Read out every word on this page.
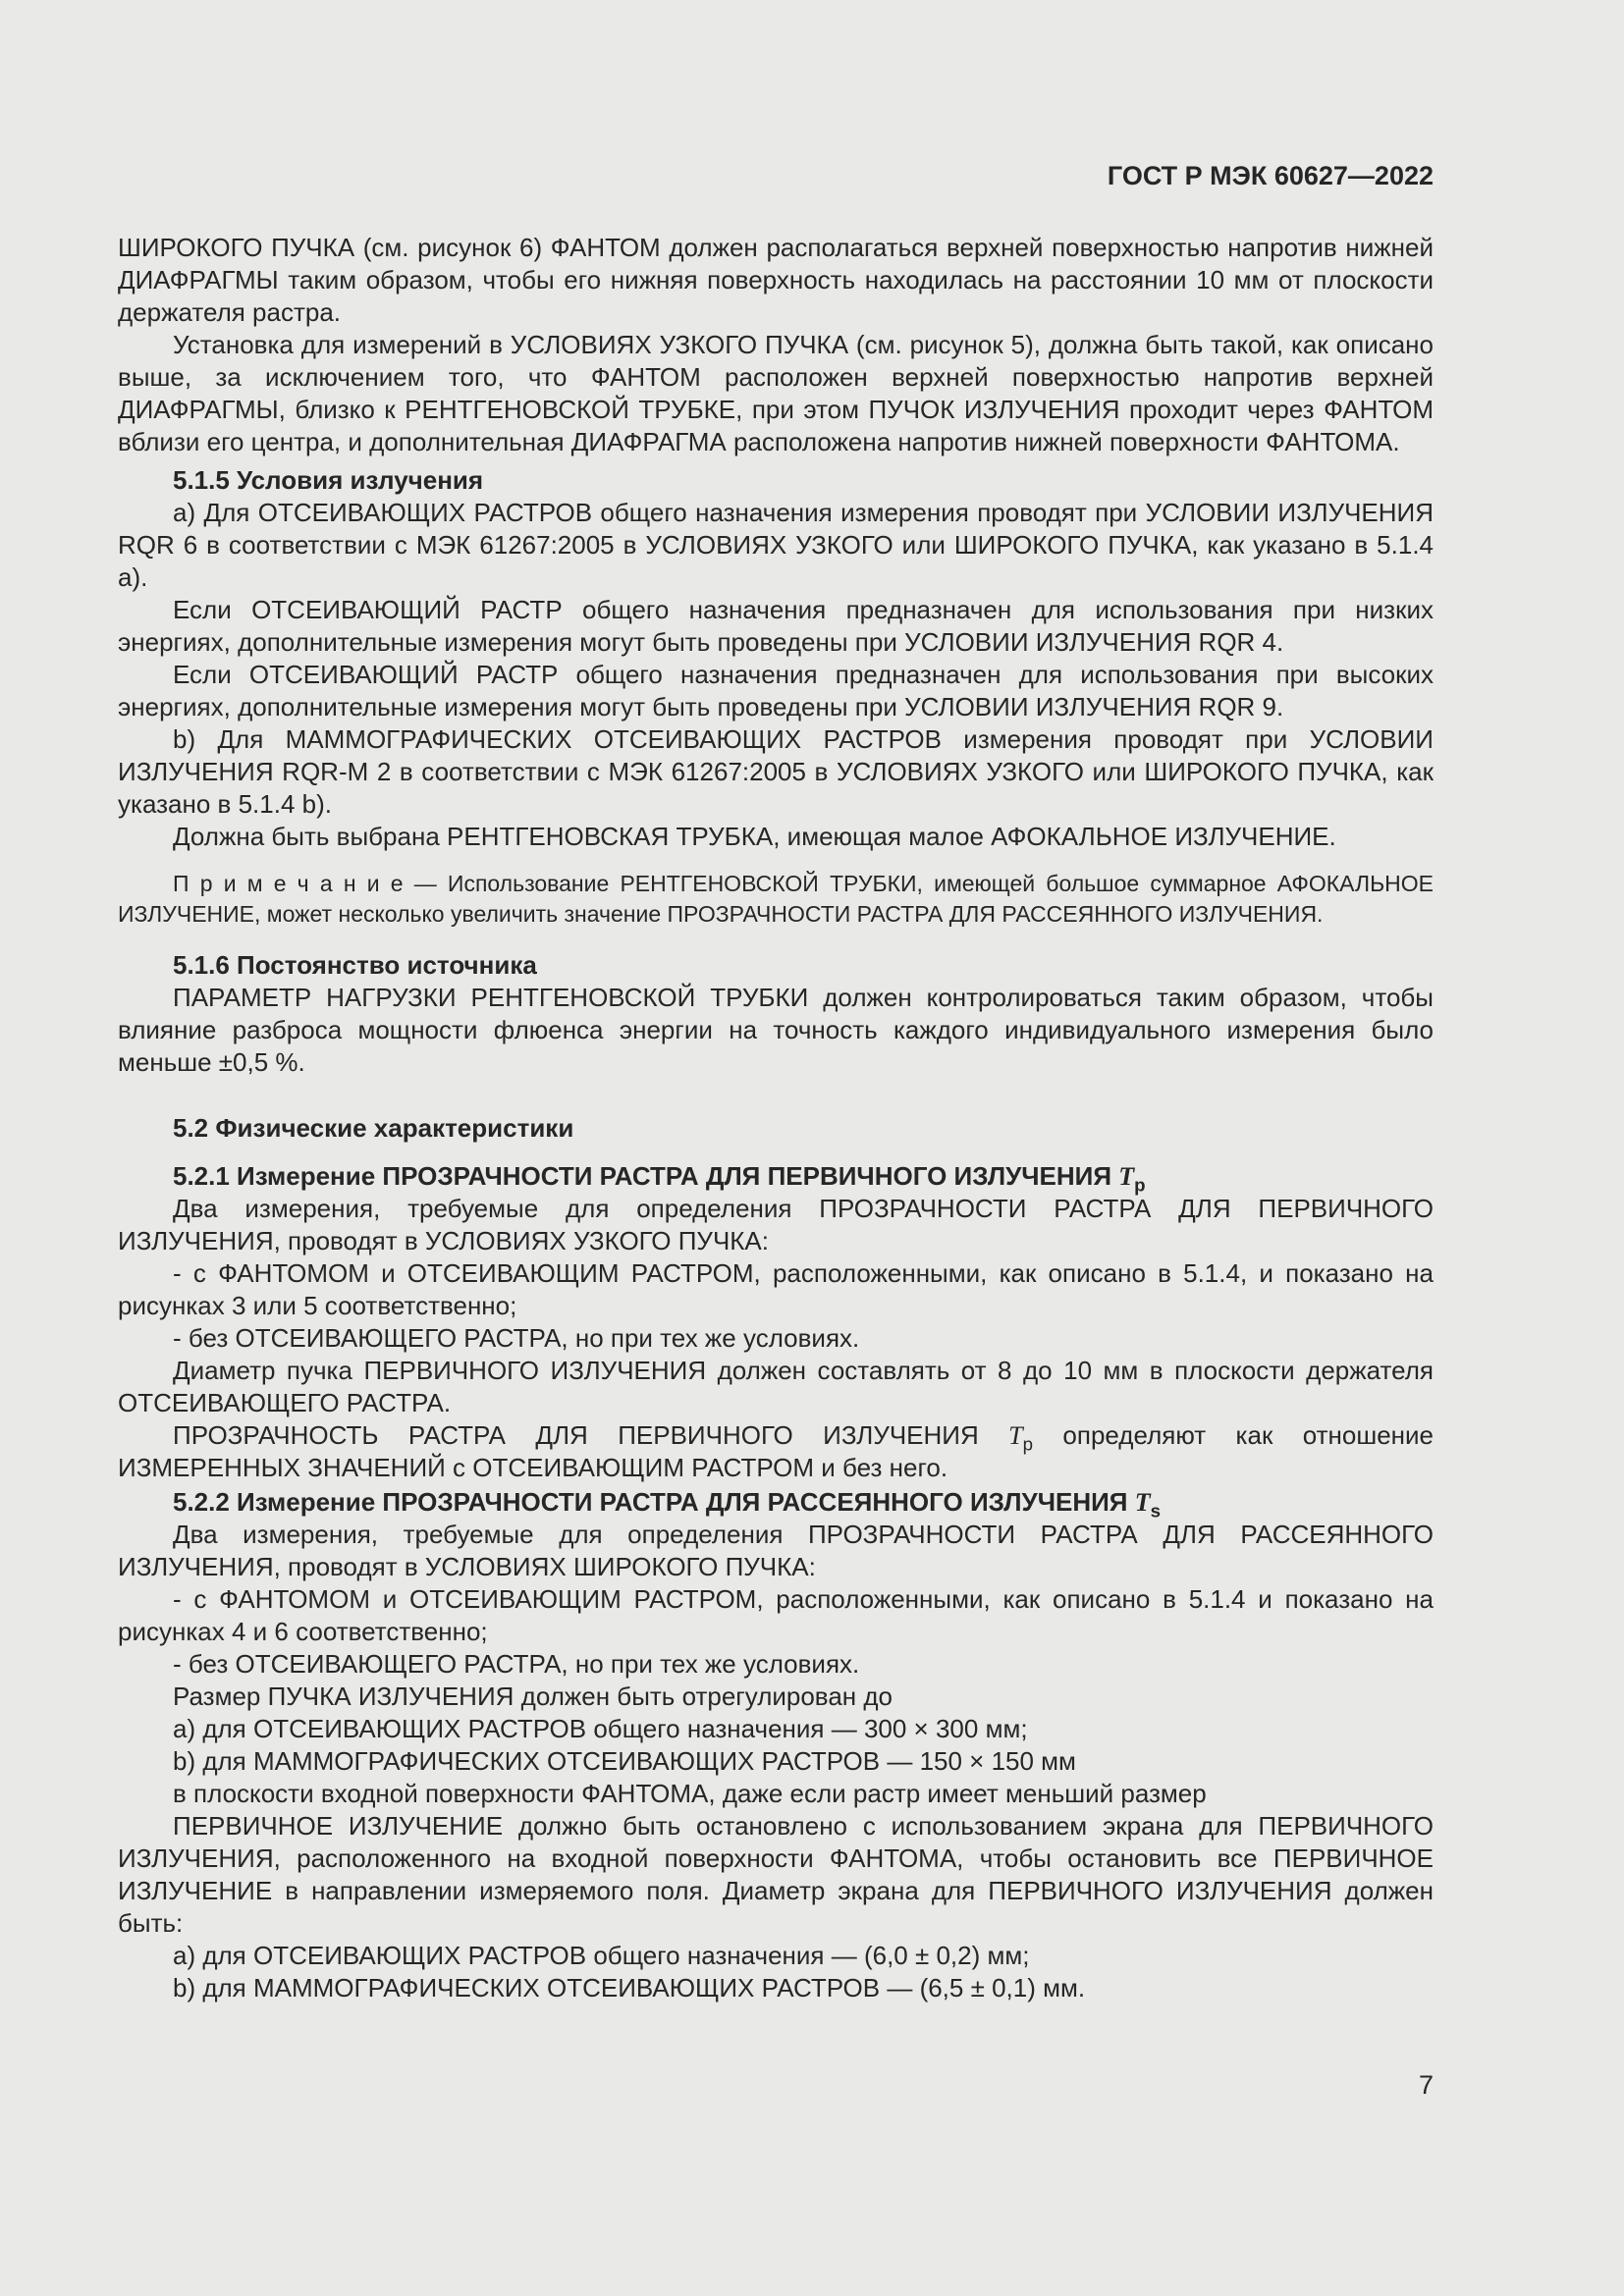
ГОСТ Р МЭК 60627—2022

ШИРОКОГО ПУЧКА (см. рисунок 6) ФАНТОМ должен располагаться верхней поверхностью напротив нижней ДИАФРАГМЫ таким образом, чтобы его нижняя поверхность находилась на расстоянии 10 мм от плоскости держателя растра.

Установка для измерений в УСЛОВИЯХ УЗКОГО ПУЧКА (см. рисунок 5), должна быть такой, как описано выше, за исключением того, что ФАНТОМ расположен верхней поверхностью напротив верхней ДИАФРАГМЫ, близко к РЕНТГЕНОВСКОЙ ТРУБКЕ, при этом ПУЧОК ИЗЛУЧЕНИЯ проходит через ФАНТОМ вблизи его центра, и дополнительная ДИАФРАГМА расположена напротив нижней поверхности ФАНТОМА.

5.1.5 Условия излучения

а) Для ОТСЕИВАЮЩИХ РАСТРОВ общего назначения измерения проводят при УСЛОВИИ ИЗЛУЧЕНИЯ RQR 6 в соответствии с МЭК 61267:2005 в УСЛОВИЯХ УЗКОГО или ШИРОКОГО ПУЧКА, как указано в 5.1.4 а).

Если ОТСЕИВАЮЩИЙ РАСТР общего назначения предназначен для использования при низких энергиях, дополнительные измерения могут быть проведены при УСЛОВИИ ИЗЛУЧЕНИЯ RQR 4.

Если ОТСЕИВАЮЩИЙ РАСТР общего назначения предназначен для использования при высоких энергиях, дополнительные измерения могут быть проведены при УСЛОВИИ ИЗЛУЧЕНИЯ RQR 9.

b) Для МАММОГРАФИЧЕСКИХ ОТСЕИВАЮЩИХ РАСТРОВ измерения проводят при УСЛОВИИ ИЗЛУЧЕНИЯ RQR-M 2 в соответствии с МЭК 61267:2005 в УСЛОВИЯХ УЗКОГО или ШИРОКОГО ПУЧКА, как указано в 5.1.4 b).

Должна быть выбрана РЕНТГЕНОВСКАЯ ТРУБКА, имеющая малое АФОКАЛЬНОЕ ИЗЛУЧЕНИЕ.

П р и м е ч а н и е — Использование РЕНТГЕНОВСКОЙ ТРУБКИ, имеющей большое суммарное АФОКАЛЬНОЕ ИЗЛУЧЕНИЕ, может несколько увеличить значение ПРОЗРАЧНОСТИ РАСТРА ДЛЯ РАССЕЯННОГО ИЗЛУЧЕНИЯ.

5.1.6 Постоянство источника

ПАРАМЕТР НАГРУЗКИ РЕНТГЕНОВСКОЙ ТРУБКИ должен контролироваться таким образом, чтобы влияние разброса мощности флюенса энергии на точность каждого индивидуального измерения было меньше ±0,5 %.

5.2 Физические характеристики
5.2.1 Измерение ПРОЗРАЧНОСТИ РАСТРА ДЛЯ ПЕРВИЧНОГО ИЗЛУЧЕНИЯ $T_p$

Два измерения, требуемые для определения ПРОЗРАЧНОСТИ РАСТРА ДЛЯ ПЕРВИЧНОГО ИЗЛУЧЕНИЯ, проводят в УСЛОВИЯХ УЗКОГО ПУЧКА:

- с ФАНТОМОМ и ОТСЕИВАЮЩИМ РАСТРОМ, расположенными, как описано в 5.1.4, и показано на рисунках 3 или 5 соответственно;

- без ОТСЕИВАЮЩЕГО РАСТРА, но при тех же условиях.

Диаметр пучка ПЕРВИЧНОГО ИЗЛУЧЕНИЯ должен составлять от 8 до 10 мм в плоскости держателя ОТСЕИВАЮЩЕГО РАСТРА.

ПРОЗРАЧНОСТЬ РАСТРА ДЛЯ ПЕРВИЧНОГО ИЗЛУЧЕНИЯ $T_p$ определяют как отношение ИЗМЕРЕННЫХ ЗНАЧЕНИЙ с ОТСЕИВАЮЩИМ РАСТРОМ и без него.

5.2.2 Измерение ПРОЗРАЧНОСТИ РАСТРА ДЛЯ РАССЕЯННОГО ИЗЛУЧЕНИЯ $T_s$

Два измерения, требуемые для определения ПРОЗРАЧНОСТИ РАСТРА ДЛЯ РАССЕЯННОГО ИЗЛУЧЕНИЯ, проводят в УСЛОВИЯХ ШИРОКОГО ПУЧКА:

- с ФАНТОМОМ и ОТСЕИВАЮЩИМ РАСТРОМ, расположенными, как описано в 5.1.4 и показано на рисунках 4 и 6 соответственно;

- без ОТСЕИВАЮЩЕГО РАСТРА, но при тех же условиях.

Размер ПУЧКА ИЗЛУЧЕНИЯ должен быть отрегулирован до

а) для ОТСЕИВАЮЩИХ РАСТРОВ общего назначения — 300 × 300 мм;

b) для МАММОГРАФИЧЕСКИХ ОТСЕИВАЮЩИХ РАСТРОВ — 150 × 150 мм

в плоскости входной поверхности ФАНТОМА, даже если растр имеет меньший размер

ПЕРВИЧНОЕ ИЗЛУЧЕНИЕ должно быть остановлено с использованием экрана для ПЕРВИЧНОГО ИЗЛУЧЕНИЯ, расположенного на входной поверхности ФАНТОМА, чтобы остановить все ПЕРВИЧНОЕ ИЗЛУЧЕНИЕ в направлении измеряемого поля. Диаметр экрана для ПЕРВИЧНОГО ИЗЛУЧЕНИЯ должен быть:

а) для ОТСЕИВАЮЩИХ РАСТРОВ общего назначения — (6,0 ± 0,2) мм;

b) для МАММОГРАФИЧЕСКИХ ОТСЕИВАЮЩИХ РАСТРОВ — (6,5 ± 0,1) мм.

7
